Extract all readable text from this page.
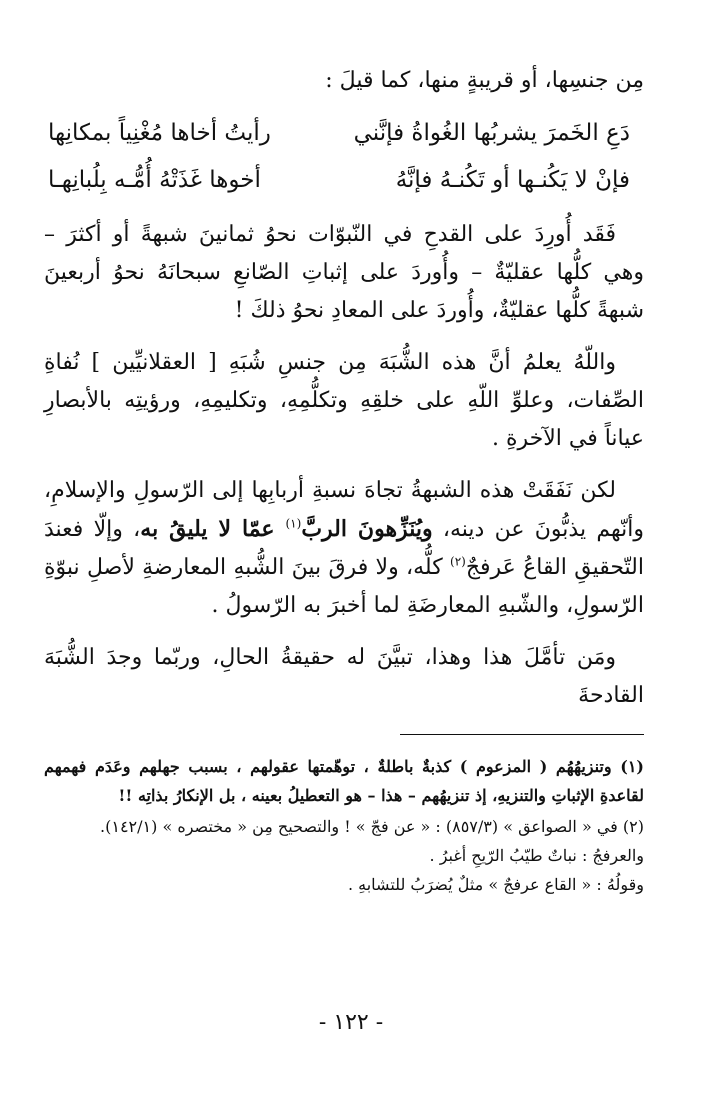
مِن جنسِها، أو قريبةٍ منها، كما قيلَ :

دَعِ الخَمرَ يشربُها الغُواةُ فإنَّني
رأيتُ أخاها مُغْنِياً بمكانِها
فإنْ لا يَكُنـها أو تَكُنـهُ فإنَّهُ
أخوها غَذَتْهُ أُمُّـه بِلُبانِهـا

فَقَد أُورِدَ على القدحِ في النّبوّات نحوُ ثمانينَ شبهةً أو أكثرَ – وهي كلُّها عقليّةٌ – وأُوردَ على إثباتِ الصّانعِ سبحانَهُ نحوُ أربعينَ شبهةً كلُّها عقليّةٌ، وأُوردَ على المعادِ نحوُ ذلكَ !

واللّهُ يعلمُ أنَّ هذه الشُّبَهَ مِن جنسِ شُبَهِ [ العقلانيِّين ] نُفاةِ الصِّفات، وعلوِّ اللّهِ على خلقِهِ وتكلُّمِهِ، وتكليمِهِ، ورؤيتِه بالأبصارِ عياناً في الآخرةِ .

لكن نَفَقَتْ هذه الشبهةُ تجاهَ نسبةِ أربابِها إلى الرّسولِ والإسلامِ، وأنّهم يذبُّونَ عن دينه، ويُنَزِّهونَ الربَّ$^{(١)}$ عمّا لا يليقُ به، وإلّا فعندَ التّحقيقِ القاعُ عَرفجٌ$^{(٢)}$ كلُّه، ولا فرقَ بينَ الشُّبهِ المعارضةِ لأصلِ نبوّةِ الرّسولِ، والشّبهِ المعارضَةِ لما أخبرَ به الرّسولُ .

ومَن تأمَّلَ هذا وهذا، تبيَّنَ له حقيقةُ الحالِ، وربّما وجدَ الشُّبَهَ القادحةَ

(١) وتنزيهُهُم ( المزعوم ) كذبةٌ باطلةٌ ، توهّمتها عقولهم ، بسبب جهلهم وعَدَم فهمهم لقاعدةِ الإثباتِ والتنزيهِ، إذ تنزيهُهم – هذا – هو التعطيلُ بعينه ، بل الإنكارُ بذاتِه !!

(٢) في « الصواعق » (٨٥٧/٣) : « عن فجّ » ! والتصحيح مِن « مختصره » (١٤٢/١).

والعرفجُ : نباتٌ طيّبُ الرّيحِ أغبرُ .

وقولُهُ : « القاع عرفجٌ » مثلٌ يُضرَبُ للتشابهِ .

- ١٢٢ -
